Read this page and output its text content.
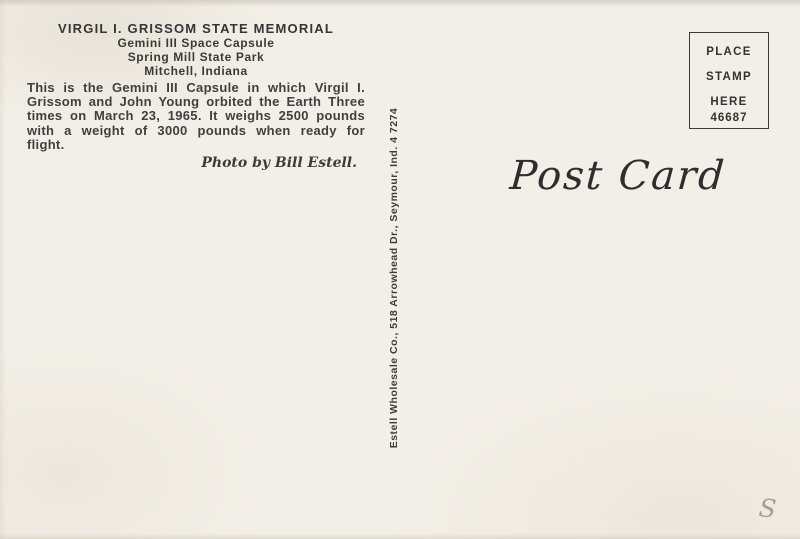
VIRGIL I. GRISSOM STATE MEMORIAL
Gemini III Space Capsule
Spring Mill State Park
Mitchell, Indiana
This is the Gemini III Capsule in which Virgil I.
Grissom and John Young orbited the Earth Three
times on March 23, 1965. It weighs 2500 pounds
with a weight of 3000 pounds when ready for
flight.
Photo by Bill Estell.	Estell Wholesale Co., 518 Arrowhead Dr., Seymour, Ind. 4 7274
PLACE
STAMP
HERE
46687
Post Card
S
